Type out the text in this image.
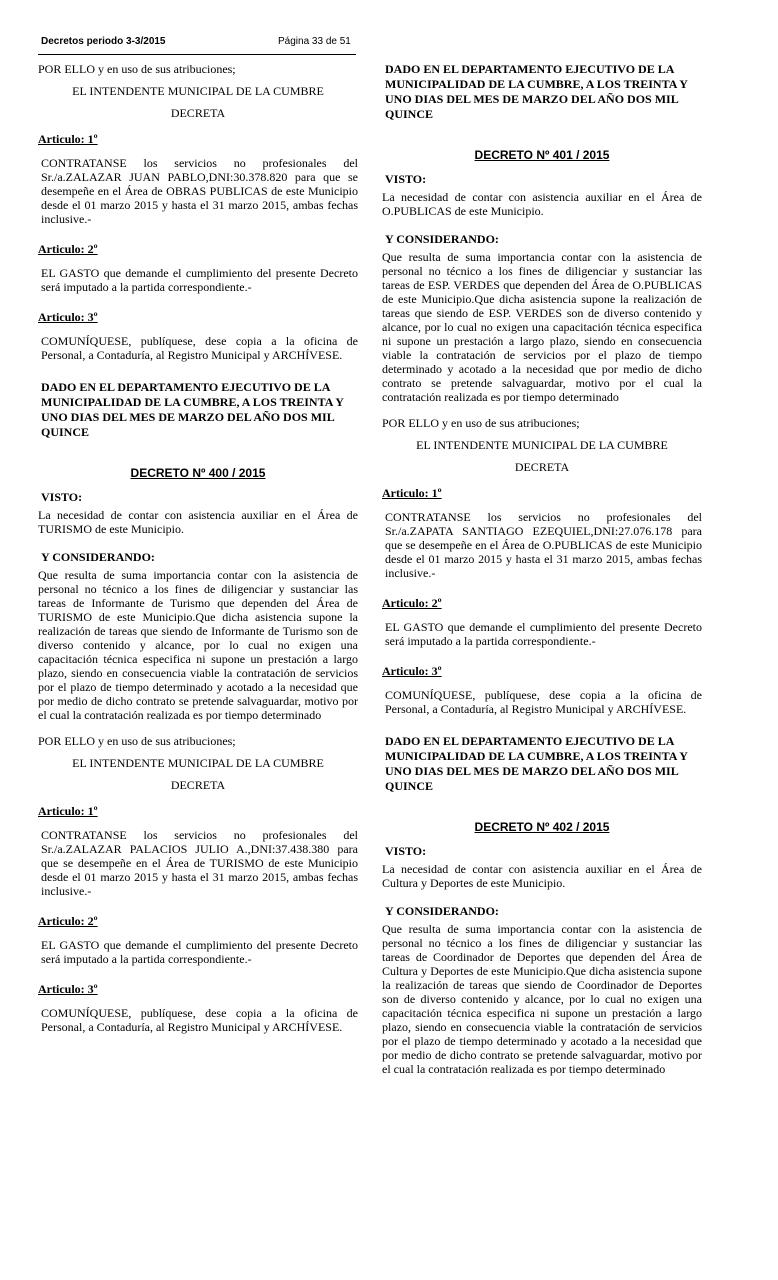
Decretos periodo 3-3/2015	Página 33 de 51

POR ELLO y en uso de sus atribuciones;

EL INTENDENTE MUNICIPAL DE LA CUMBRE

DECRETA

Articulo: 1º

CONTRATANSE los servicios no profesionales del Sr./a.ZALAZAR JUAN PABLO,DNI:30.378.820 para que se desempeñe en el Área de OBRAS PUBLICAS de este Municipio desde el 01 marzo 2015 y hasta el 31 marzo 2015, ambas fechas inclusive.-

Articulo: 2º

EL GASTO que demande el cumplimiento del presente Decreto será imputado a la partida correspondiente.-

Articulo: 3º

COMUNÍQUESE, publíquese, dese copia a la oficina de Personal, a Contaduría, al Registro Municipal y ARCHÍVESE.

DADO EN EL DEPARTAMENTO EJECUTIVO DE LA MUNICIPALIDAD DE LA CUMBRE, A LOS TREINTA Y UNO DIAS DEL MES DE MARZO DEL AÑO DOS MIL QUINCE

DECRETO Nº 400 / 2015

VISTO:

La necesidad de contar con asistencia auxiliar en el Área de TURISMO de este Municipio.

Y CONSIDERANDO:

Que resulta de suma importancia contar con la asistencia de personal no técnico a los fines de diligenciar y sustanciar las tareas de Informante de Turismo que dependen del Área de TURISMO de este Municipio.Que dicha asistencia supone la realización de tareas que siendo de Informante de Turismo son de diverso contenido y alcance, por lo cual no exigen una capacitación técnica especifica ni supone un prestación a largo plazo, siendo en consecuencia viable la contratación de servicios por el plazo de tiempo determinado y acotado a la necesidad que por medio de dicho contrato se pretende salvaguardar, motivo por el cual la contratación realizada es por tiempo determinado

POR ELLO y en uso de sus atribuciones;

EL INTENDENTE MUNICIPAL DE LA CUMBRE

DECRETA

Articulo: 1º

CONTRATANSE los servicios no profesionales del Sr./a.ZALAZAR PALACIOS JULIO A.,DNI:37.438.380 para que se desempeñe en el Área de TURISMO de este Municipio desde el 01 marzo 2015 y hasta el 31 marzo 2015, ambas fechas inclusive.-

Articulo: 2º

EL GASTO que demande el cumplimiento del presente Decreto será imputado a la partida correspondiente.-

Articulo: 3º

COMUNÍQUESE, publíquese, dese copia a la oficina de Personal, a Contaduría, al Registro Municipal y ARCHÍVESE.

DADO EN EL DEPARTAMENTO EJECUTIVO DE LA MUNICIPALIDAD DE LA CUMBRE, A LOS TREINTA Y UNO DIAS DEL MES DE MARZO DEL AÑO DOS MIL QUINCE

DECRETO Nº 401 / 2015

VISTO:

La necesidad de contar con asistencia auxiliar en el Área de O.PUBLICAS de este Municipio.

Y CONSIDERANDO:

Que resulta de suma importancia contar con la asistencia de personal no técnico a los fines de diligenciar y sustanciar las tareas de ESP. VERDES que dependen del Área de O.PUBLICAS de este Municipio.Que dicha asistencia supone la realización de tareas que siendo de ESP. VERDES son de diverso contenido y alcance, por lo cual no exigen una capacitación técnica especifica ni supone un prestación a largo plazo, siendo en consecuencia viable la contratación de servicios por el plazo de tiempo determinado y acotado a la necesidad que por medio de dicho contrato se pretende salvaguardar, motivo por el cual la contratación realizada es por tiempo determinado

POR ELLO y en uso de sus atribuciones;

EL INTENDENTE MUNICIPAL DE LA CUMBRE

DECRETA

Articulo: 1º

CONTRATANSE los servicios no profesionales del Sr./a.ZAPATA SANTIAGO EZEQUIEL,DNI:27.076.178 para que se desempeñe en el Área de O.PUBLICAS de este Municipio desde el 01 marzo 2015 y hasta el 31 marzo 2015, ambas fechas inclusive.-

Articulo: 2º

EL GASTO que demande el cumplimiento del presente Decreto será imputado a la partida correspondiente.-

Articulo: 3º

COMUNÍQUESE, publíquese, dese copia a la oficina de Personal, a Contaduría, al Registro Municipal y ARCHÍVESE.

DADO EN EL DEPARTAMENTO EJECUTIVO DE LA MUNICIPALIDAD DE LA CUMBRE, A LOS TREINTA Y UNO DIAS DEL MES DE MARZO DEL AÑO DOS MIL QUINCE

DECRETO Nº 402 / 2015

VISTO:

La necesidad de contar con asistencia auxiliar en el Área de Cultura y Deportes de este Municipio.

Y CONSIDERANDO:

Que resulta de suma importancia contar con la asistencia de personal no técnico a los fines de diligenciar y sustanciar las tareas de Coordinador de Deportes que dependen del Área de Cultura y Deportes de este Municipio.Que dicha asistencia supone la realización de tareas que siendo de Coordinador de Deportes son de diverso contenido y alcance, por lo cual no exigen una capacitación técnica especifica ni supone un prestación a largo plazo, siendo en consecuencia viable la contratación de servicios por el plazo de tiempo determinado y acotado a la necesidad que por medio de dicho contrato se pretende salvaguardar, motivo por el cual la contratación realizada es por tiempo determinado
